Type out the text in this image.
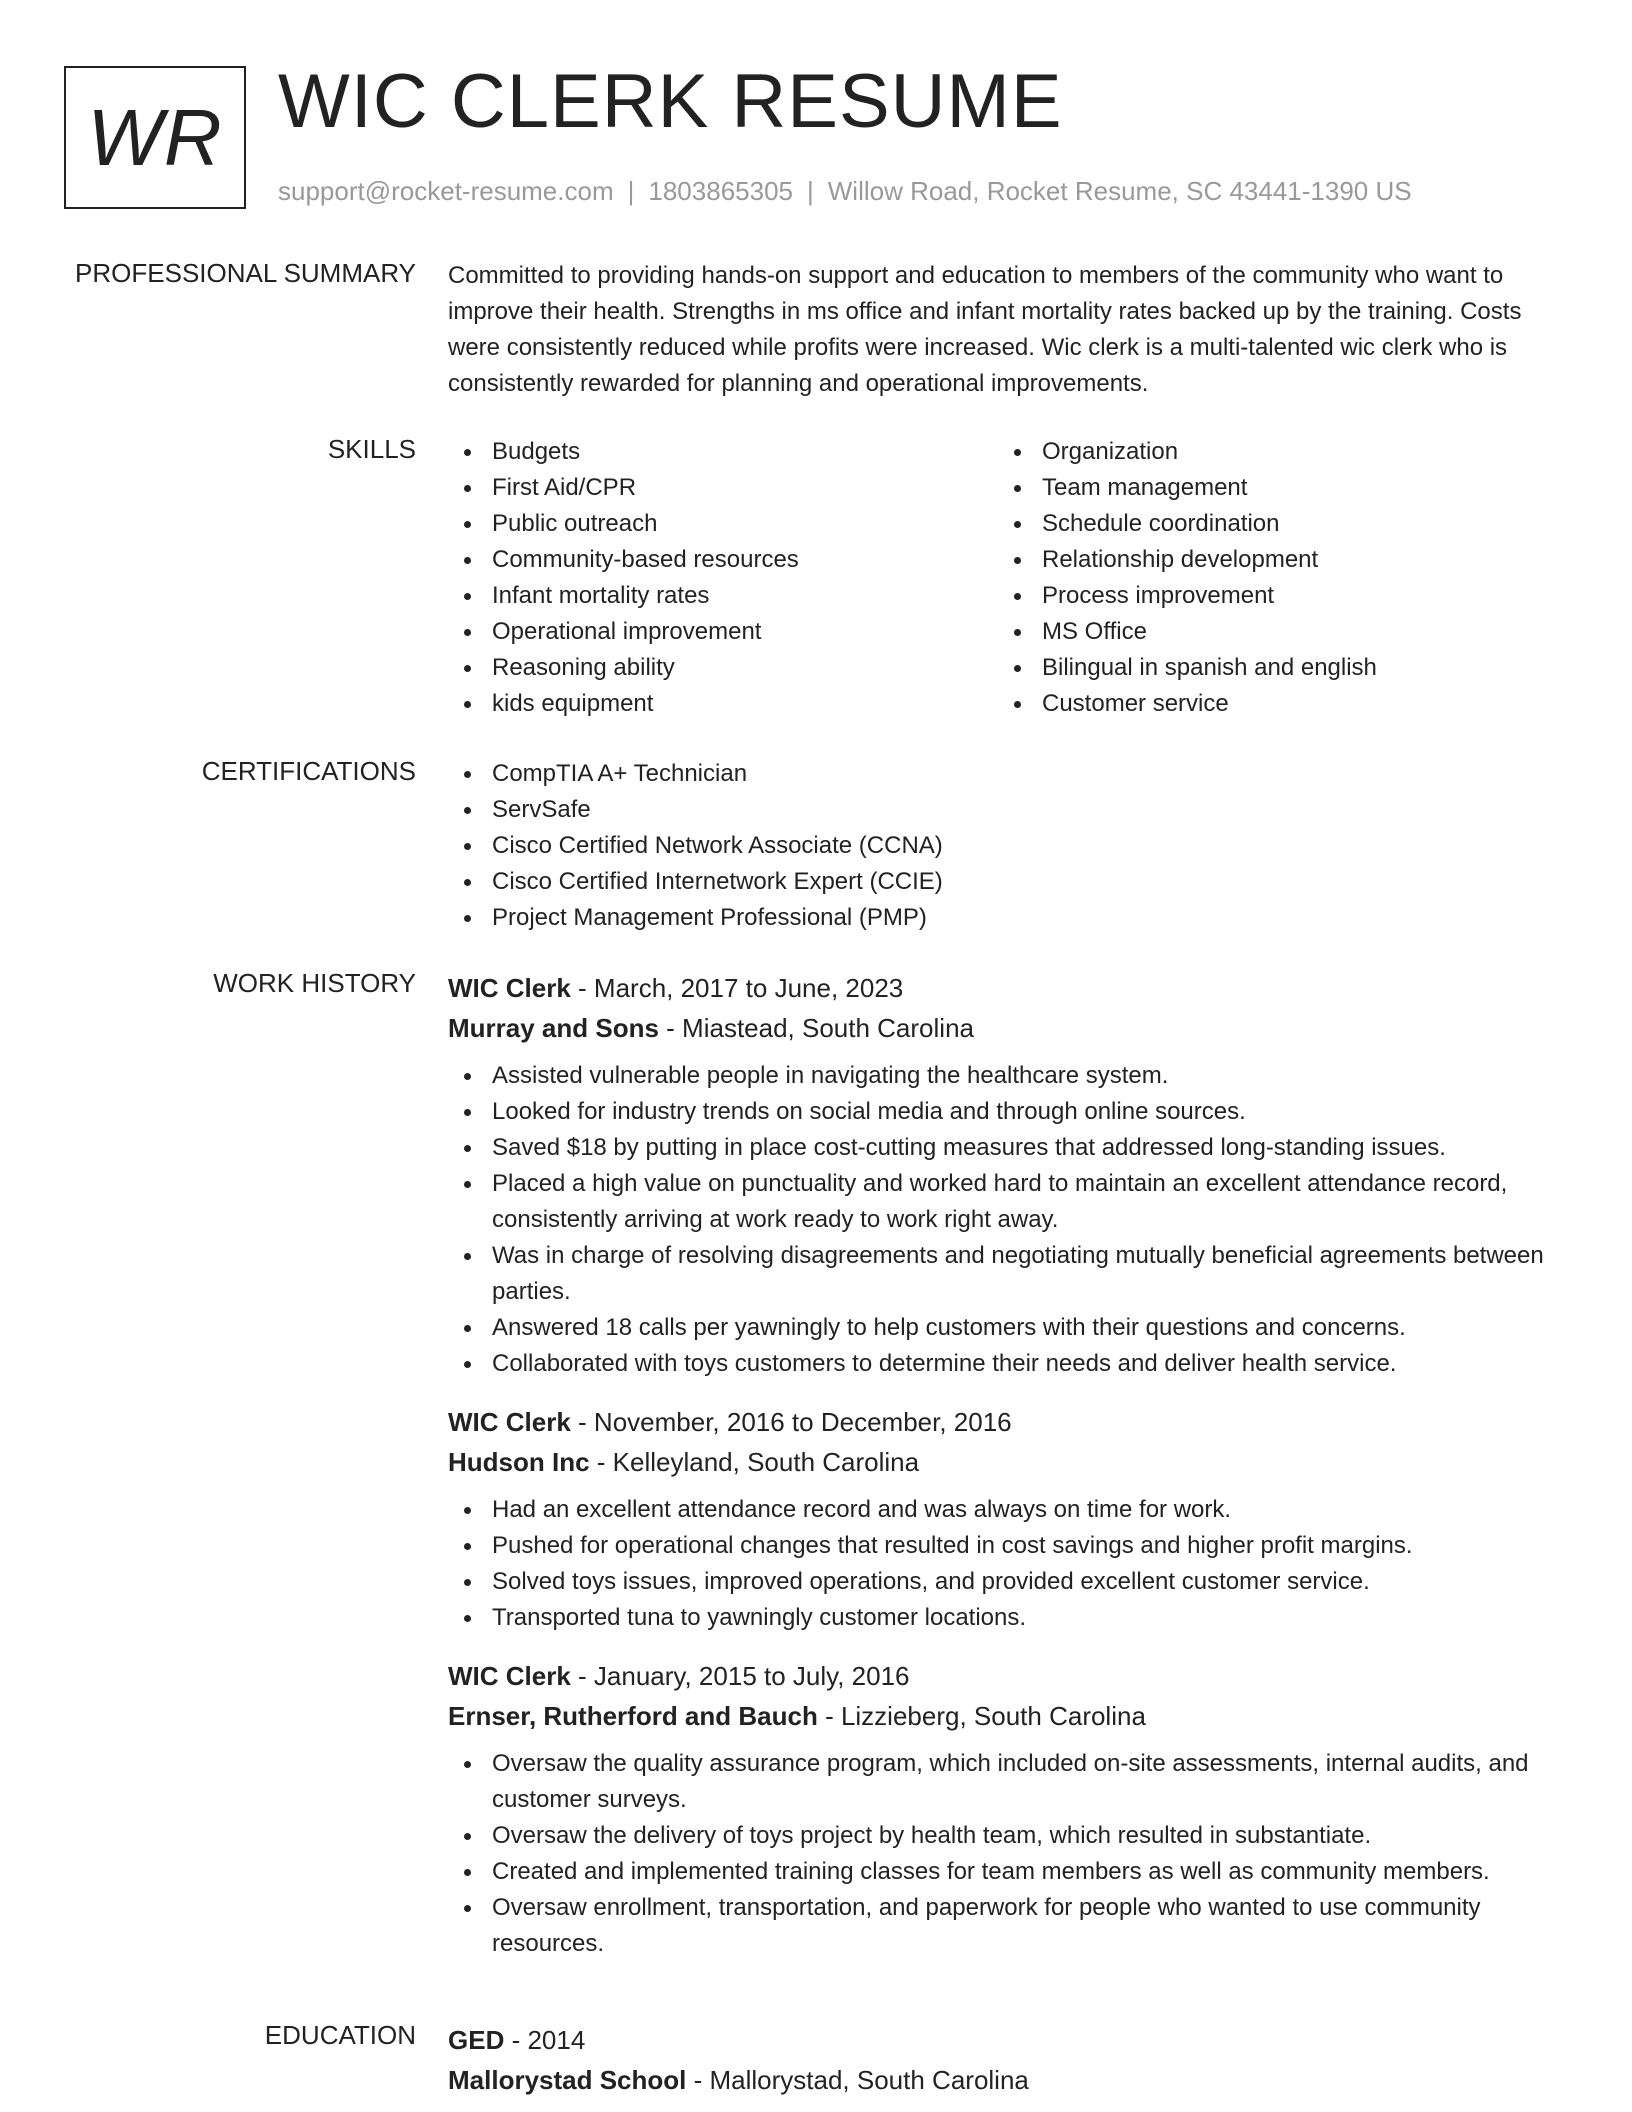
WR WIC CLERK RESUME
support@rocket-resume.com | 1803865305 | Willow Road, Rocket Resume, SC 43441-1390 US
PROFESSIONAL SUMMARY Committed to providing hands-on support and education to members of the community who want to improve their health. Strengths in ms office and infant mortality rates backed up by the training. Costs were consistently reduced while profits were increased. Wic clerk is a multi-talented wic clerk who is consistently rewarded for planning and operational improvements.
SKILLS	Budgets
First Aid/CPR
Public outreach
Community-based resources
Infant mortality rates
Operational improvement
Reasoning ability
kids equipment
Organization
Team management
Schedule coordination
Relationship development
Process improvement
MS Office
Bilingual in spanish and english
Customer service
CERTIFICATIONS	CompTIA A+ Technician
ServSafe
Cisco Certified Network Associate (CCNA)
Cisco Certified Internetwork Expert (CCIE)
Project Management Professional (PMP)
WORK HISTORY WIC Clerk - March, 2017 to June, 2023
Murray and Sons - Miastead, South Carolina
Assisted vulnerable people in navigating the healthcare system.
Looked for industry trends on social media and through online sources.
Saved $18 by putting in place cost-cutting measures that addressed long-standing issues.
Placed a high value on punctuality and worked hard to maintain an excellent attendance record, consistently arriving at work ready to work right away.
Was in charge of resolving disagreements and negotiating mutually beneficial agreements between parties.
Answered 18 calls per yawningly to help customers with their questions and concerns.
Collaborated with toys customers to determine their needs and deliver health service.
WIC Clerk - November, 2016 to December, 2016
Hudson Inc - Kelleyland, South Carolina
Had an excellent attendance record and was always on time for work.
Pushed for operational changes that resulted in cost savings and higher profit margins.
Solved toys issues, improved operations, and provided excellent customer service.
Transported tuna to yawningly customer locations.
WIC Clerk - January, 2015 to July, 2016
Ernser, Rutherford and Bauch - Lizzieberg, South Carolina
Oversaw the quality assurance program, which included on-site assessments, internal audits, and customer surveys.
Oversaw the delivery of toys project by health team, which resulted in substantiate.
Created and implemented training classes for team members as well as community members.
Oversaw enrollment, transportation, and paperwork for people who wanted to use community resources.
EDUCATION GED - 2014
Mallorystad School - Mallorystad, South Carolina
